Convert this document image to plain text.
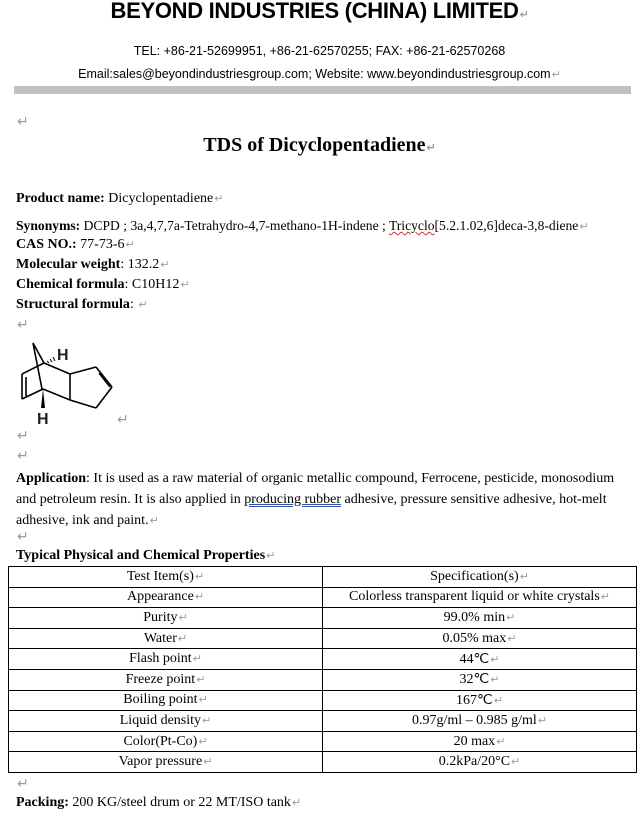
BEYOND INDUSTRIES (CHINA) LIMITED↵
TEL: +86-21-52699951, +86-21-62570255; FAX: +86-21-62570268
Email:sales@beyondindustriesgroup.com; Website: www.beyondindustriesgroup.com↵
↵
TDS of Dicyclopentadiene↵
Product name: Dicyclopentadiene↵
Synonyms: DCPD ; 3a,4,7,7a-Tetrahydro-4,7-methano-1H-indene ; Tricyclo[5.2.1.02,6]deca-3,8-diene↵
CAS NO.: 77-73-6↵
Molecular weight: 132.2↵
Chemical formula: C10H12↵
Structural formula: ↵
↵
H
H	↵
↵
↵
Application: It is used as a raw material of organic metallic compound, Ferrocene, pesticide, monosodium and petroleum resin. It is also applied in producing rubber adhesive, pressure sensitive adhesive, hot-melt adhesive, ink and paint.↵
↵
Typical Physical and Chemical Properties↵
Test Item(s)↵	Specification(s)↵
Appearance↵	Colorless transparent liquid or white crystals↵
Purity↵	99.0% min↵
Water↵	0.05% max↵
Flash point↵	44℃↵
Freeze point↵	32℃↵
Boiling point↵	167℃↵
Liquid density↵	0.97g/ml – 0.985 g/ml↵
Color(Pt-Co)↵	20 max↵
Vapor pressure↵	0.2kPa/20°C↵
↵
Packing: 200 KG/steel drum or 22 MT/ISO tank↵
